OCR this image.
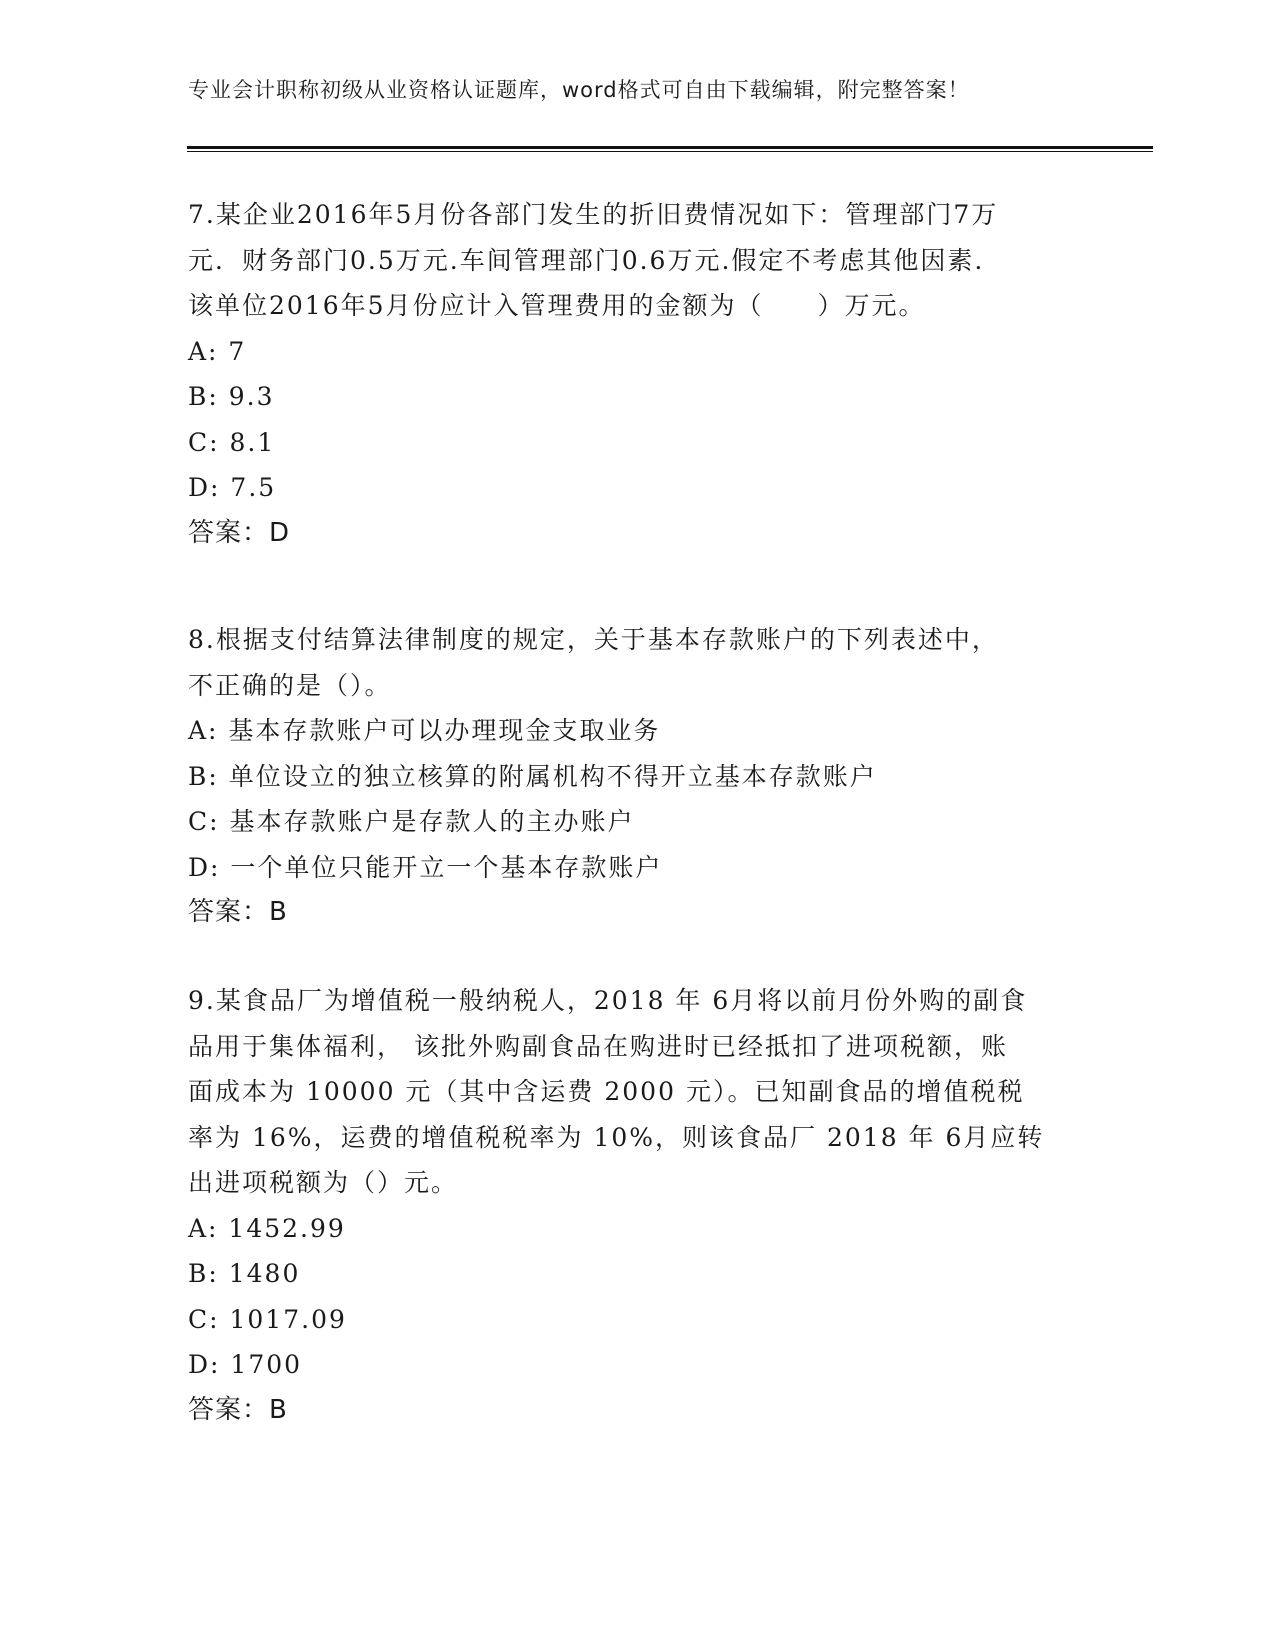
专业会计职称初级从业资格认证题库，word格式可自由下载编辑，附完整答案！
7.某企业2016年5月份各部门发生的折旧费情况如下：管理部门7万
元．财务部门0.5万元.车间管理部门0.6万元.假定不考虑其他因素.
该单位2016年5月份应计入管理费用的金额为（　　）万元。
A: 7
B: 9.3
C: 8.1
D: 7.5
答案：D
8.根据支付结算法律制度的规定，关于基本存款账户的下列表述中，
不正确的是（）。
A: 基本存款账户可以办理现金支取业务
B: 单位设立的独立核算的附属机构不得开立基本存款账户
C: 基本存款账户是存款人的主办账户
D: 一个单位只能开立一个基本存款账户
答案：B
9.某食品厂为增值税一般纳税人，2018 年 6月将以前月份外购的副食
品用于集体福利， 该批外购副食品在购进时已经抵扣了进项税额，账
面成本为 10000 元（其中含运费 2000 元）。已知副食品的增值税税
率为 16%，运费的增值税税率为 10%，则该食品厂 2018 年 6月应转
出进项税额为（）元。
A: 1452.99
B: 1480
C: 1017.09
D: 1700
答案：B
